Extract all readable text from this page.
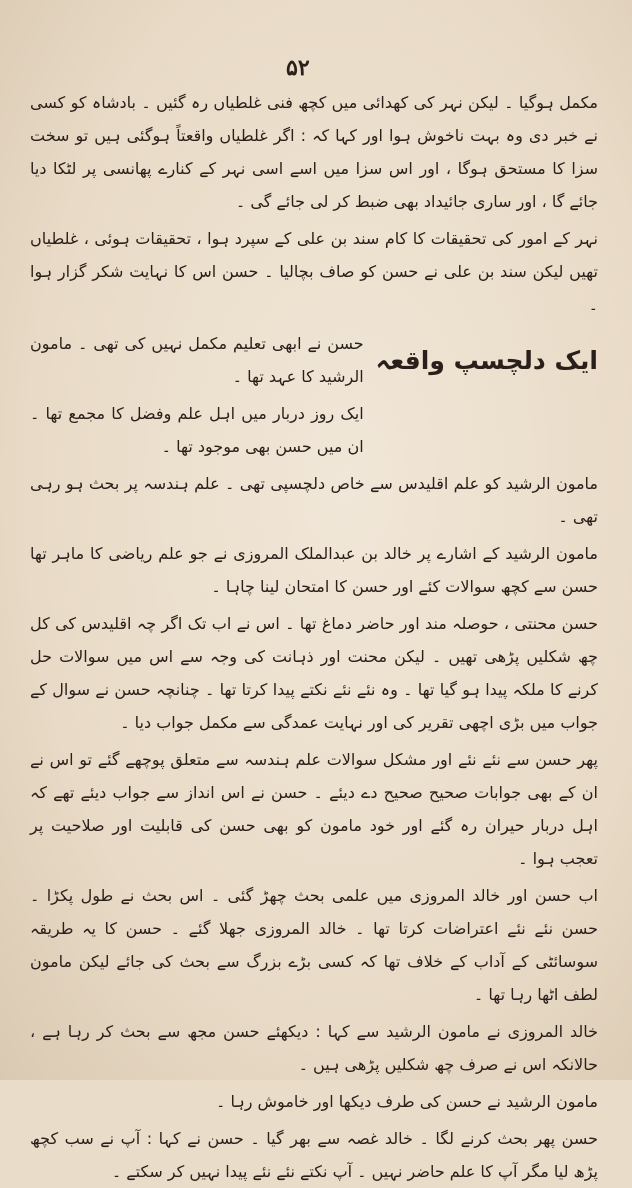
۵۲

مکمل ہوگیا ۔ لیکن نہر کی کھدائی میں کچھ فنی غلطیاں رہ گئیں ۔ بادشاہ کو کسی نے خبر دی وہ بہت ناخوش ہوا اور کہا کہ : اگر غلطیاں واقعتاً ہوگئی ہیں تو سخت سزا کا مستحق ہوگا ، اور اس سزا میں اسے اسی نہر کے کنارے پھانسی پر لٹکا دیا جائے گا ، اور ساری جائیداد بھی ضبط کر لی جائے گی ۔

نہر کے امور کی تحقیقات کا کام سند بن علی کے سپرد ہوا ، تحقیقات ہوئی ، غلطیاں تھیں لیکن سند بن علی نے حسن کو صاف بچالیا ۔ حسن اس کا نہایت شکر گزار ہوا ۔

حسن نے ابھی تعلیم مکمل نہیں کی تھی ۔ مامون الرشید کا عہد تھا ۔

ایک روز دربار میں اہل علم وفضل کا مجمع تھا ۔ ان میں حسن بھی موجود تھا ۔

ایک دلچسپ واقعہ

مامون الرشید کو علم اقلیدس سے خاص دلچسپی تھی ۔ علم ہندسہ پر بحث ہو رہی تھی ۔

مامون الرشید کے اشارے پر خالد بن عبدالملک المروزی نے جو علم ریاضی کا ماہر تھا حسن سے کچھ سوالات کئے اور حسن کا امتحان لینا چاہا ۔

حسن محنتی ، حوصلہ مند اور حاضر دماغ تھا ۔ اس نے اب تک اگر چہ اقلیدس کی کل چھ شکلیں پڑھی تھیں ۔ لیکن محنت اور ذہانت کی وجہ سے اس میں سوالات حل کرنے کا ملکہ پیدا ہو گیا تھا ۔ وہ نئے نئے نکتے پیدا کرتا تھا ۔ چنانچہ حسن نے سوال کے جواب میں بڑی اچھی تقریر کی اور نہایت عمدگی سے مکمل جواب دیا ۔

پھر حسن سے نئے نئے اور مشکل سوالات علم ہندسہ سے متعلق پوچھے گئے تو اس نے ان کے بھی جوابات صحیح صحیح دے دیئے ۔ حسن نے اس انداز سے جواب دیئے تھے کہ اہل دربار حیران رہ گئے اور خود مامون کو بھی حسن کی قابلیت اور صلاحیت پر تعجب ہوا ۔

اب حسن اور خالد المروزی میں علمی بحث چھڑ گئی ۔ اس بحث نے طول پکڑا ۔ حسن نئے نئے اعتراضات کرتا تھا ۔ خالد المروزی جھلا گئے ۔ حسن کا یہ طریقہ سوسائٹی کے آداب کے خلاف تھا کہ کسی بڑے بزرگ سے بحث کی جائے لیکن مامون لطف اٹھا رہا تھا ۔

خالد المروزی نے مامون الرشید سے کہا : دیکھئے حسن مجھ سے بحث کر رہا ہے ، حالانکہ اس نے صرف چھ شکلیں پڑھی ہیں ۔

مامون الرشید نے حسن کی طرف دیکھا اور خاموش رہا ۔

حسن پھر بحث کرنے لگا ۔ خالد غصہ سے بھر گیا ۔ حسن نے کہا : آپ نے سب کچھ پڑھ لیا مگر آپ کا علم حاضر نہیں ۔ آپ نکتے نئے نئے پیدا نہیں کر سکتے ۔
